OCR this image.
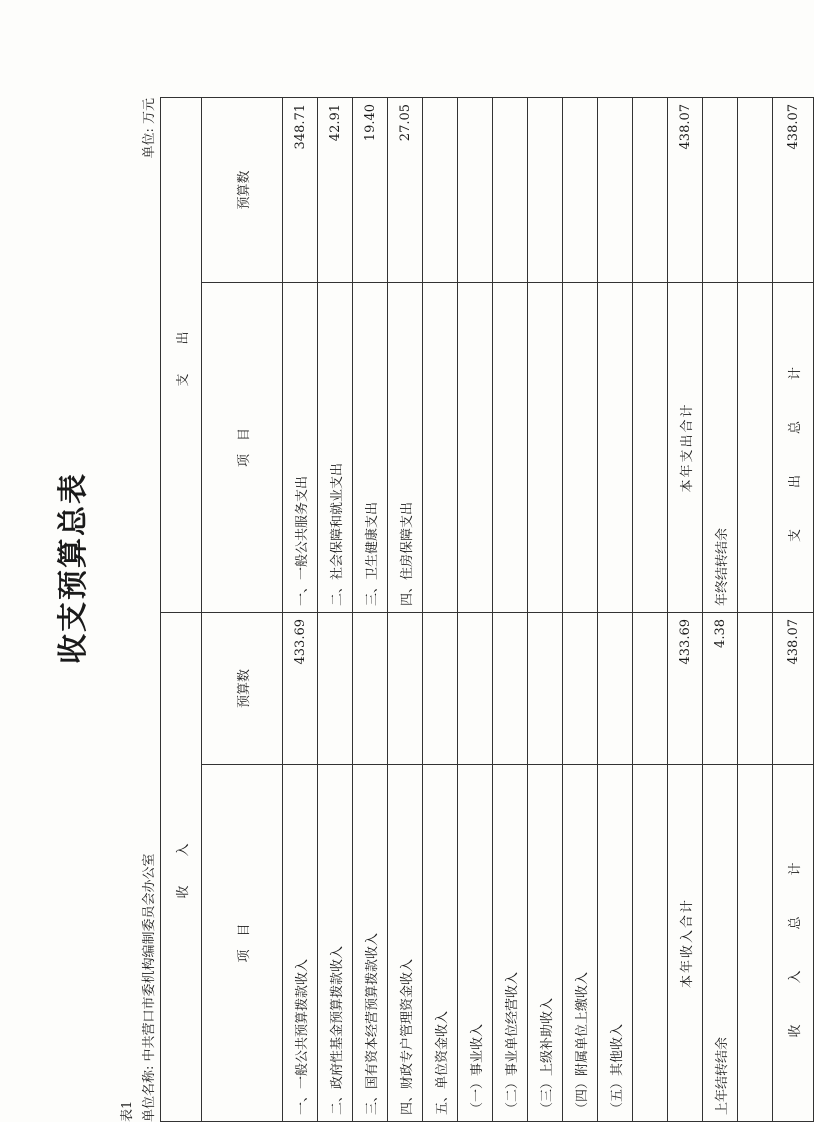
收支预算总表
表1 单位名称: 中共营口市委机构编制委员会办公室
单位: 万元
收　入		支　出	
项　目	预算数	项　目	预算数
一、一般公共预算拨款收入	433.69	一、一般公共服务支出	348.71
二、政府性基金预算拨款收入		二、社会保障和就业支出	42.91
三、国有资本经营预算拨款收入		三、卫生健康支出	19.40
四、财政专户管理资金收入		四、住房保障支出	27.05
五、单位资金收入			
（一）事业收入			
（二）事业单位经营收入			
（三）上级补助收入			
（四）附属单位上缴收入			
（五）其他收入			

本年收入合计	433.69	本年支出合计	438.07
上年结转结余	4.38	年终结转结余	

收　入　总　计	438.07	支　出　总　计	438.07
